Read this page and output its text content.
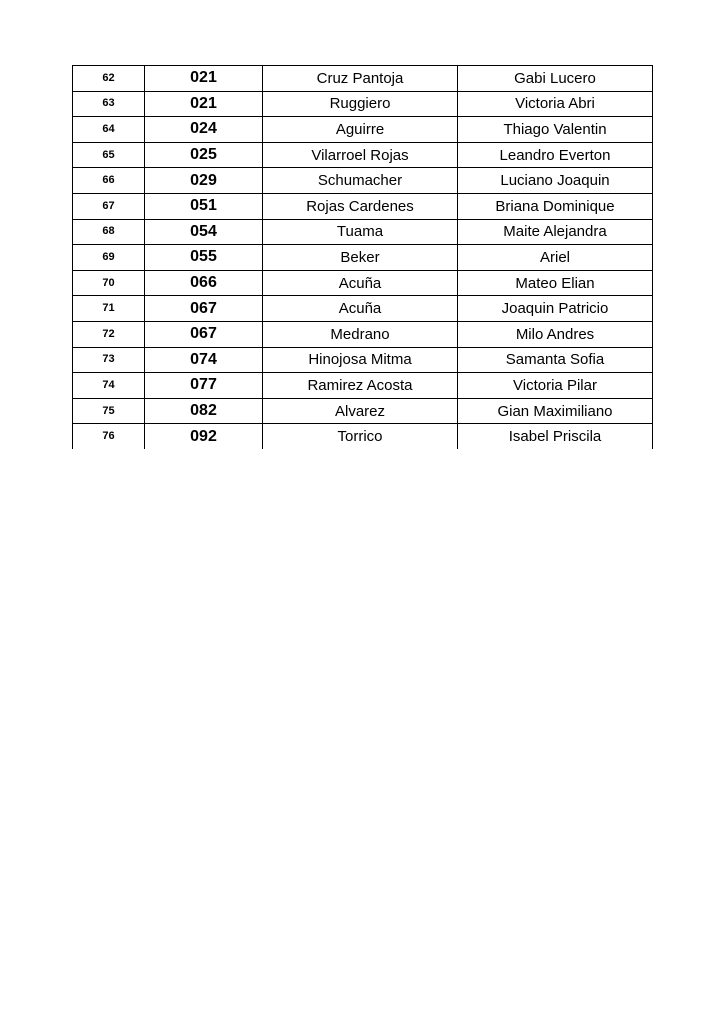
62	021	Cruz Pantoja	Gabi Lucero
63	021	Ruggiero	Victoria Abri
64	024	Aguirre	Thiago Valentin
65	025	Vilarroel Rojas	Leandro Everton
66	029	Schumacher	Luciano Joaquin
67	051	Rojas Cardenes	Briana Dominique
68	054	Tuama	Maite Alejandra
69	055	Beker	Ariel
70	066	Acuña	Mateo Elian
71	067	Acuña	Joaquin Patricio
72	067	Medrano	Milo Andres
73	074	Hinojosa Mitma	Samanta Sofia
74	077	Ramirez Acosta	Victoria Pilar
75	082	Alvarez	Gian Maximiliano
76	092	Torrico	Isabel Priscila
